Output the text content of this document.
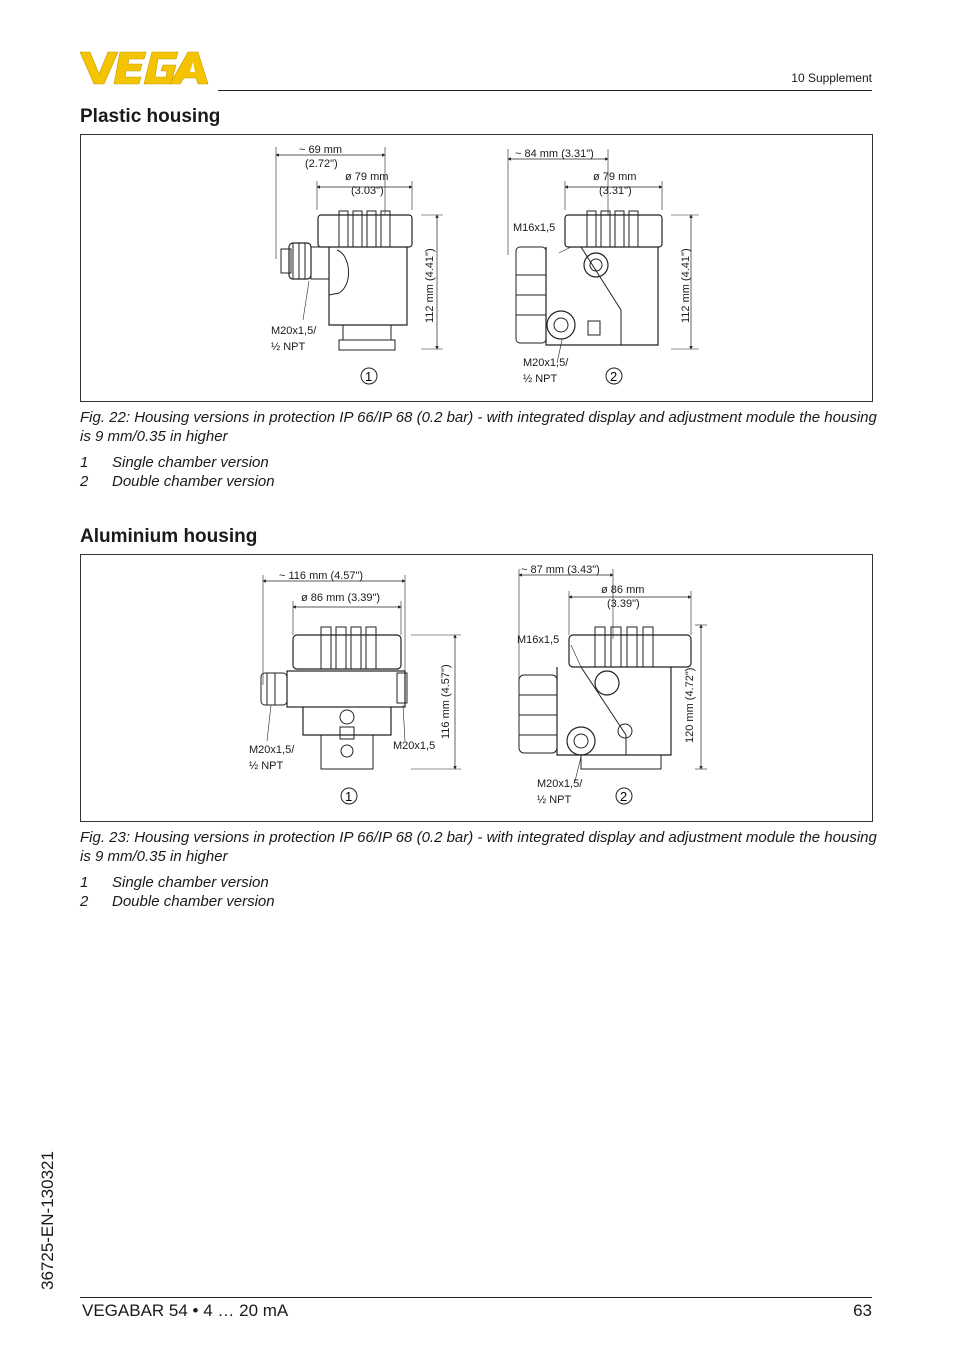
10 Supplement
Plastic housing
~ 69 mm
(2.72")
ø 79 mm
(3.03")
112 mm (4.41")
M20x1,5/
½ NPT
~ 84 mm (3.31")
ø 79 mm
(3.31")
112 mm (4.41")
M16x1,5
M20x1,5/
½ NPT
1	2
Fig. 22: Housing versions in protection IP 66/IP 68 (0.2 bar) - with integrated display and adjustment module the housing is 9 mm/0.35 in higher
1 Single chamber version
2 Double chamber version
Aluminium housing
~ 116 mm (4.57")
ø 86 mm (3.39")
116 mm (4.57")
M20x1,5/
½ NPT
M20x1,5
~ 87 mm (3.43")
ø 86 mm
(3.39")
120 mm (4.72")
M16x1,5
M20x1,5/
½ NPT
1	2
Fig. 23: Housing versions in protection IP 66/IP 68 (0.2 bar) - with integrated display and adjustment module the housing is 9 mm/0.35 in higher
1 Single chamber version
2 Double chamber version
36725-EN-130321
VEGABAR 54 • 4 … 20 mA	63
